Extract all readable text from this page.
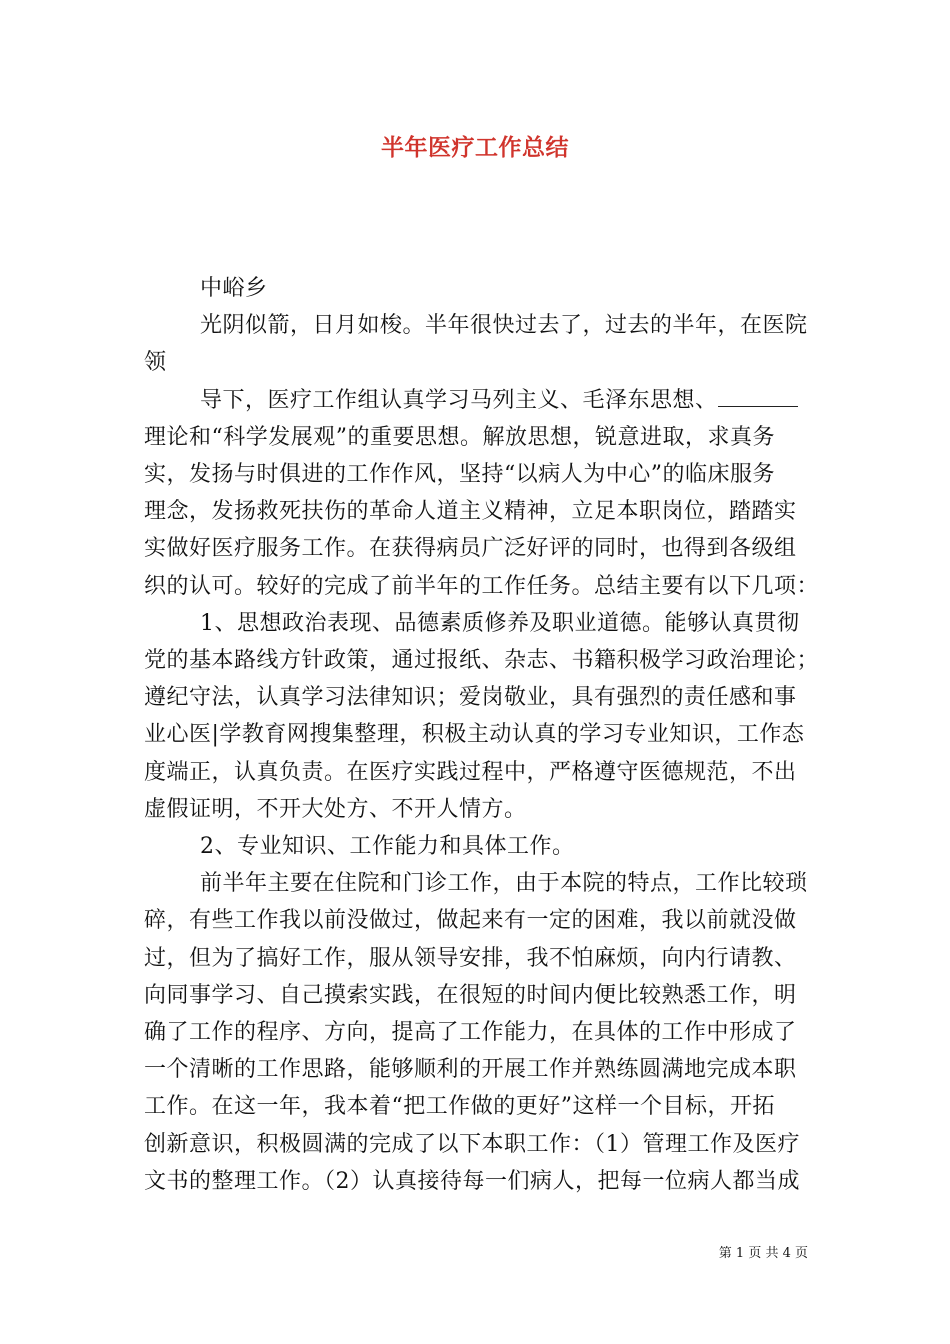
半年医疗工作总结

中峪乡

光阴似箭，日月如梭。半年很快过去了，过去的半年，在医院

领

导下，医疗工作组认真学习马列主义、毛泽东思想、

理论和“科学发展观”的重要思想。解放思想，锐意进取，求真务

实，发扬与时俱进的工作作风，坚持“以病人为中心”的临床服务

理念，发扬救死扶伤的革命人道主义精神，立足本职岗位，踏踏实

实做好医疗服务工作。在获得病员广泛好评的同时，也得到各级组

织的认可。较好的完成了前半年的工作任务。总结主要有以下几项：

1、思想政治表现、品德素质修养及职业道德。能够认真贯彻

党的基本路线方针政策，通过报纸、杂志、书籍积极学习政治理论；

遵纪守法，认真学习法律知识；爱岗敬业，具有强烈的责任感和事

业心医|学教育网搜集整理，积极主动认真的学习专业知识，工作态

度端正，认真负责。在医疗实践过程中，严格遵守医德规范，不出

虚假证明，不开大处方、不开人情方。

2、专业知识、工作能力和具体工作。

前半年主要在住院和门诊工作，由于本院的特点，工作比较琐

碎，有些工作我以前没做过，做起来有一定的困难，我以前就没做

过，但为了搞好工作，服从领导安排，我不怕麻烦，向内行请教、

向同事学习、自己摸索实践，在很短的时间内便比较熟悉工作，明

确了工作的程序、方向，提高了工作能力，在具体的工作中形成了

一个清晰的工作思路，能够顺利的开展工作并熟练圆满地完成本职

工作。在这一年，我本着“把工作做的更好”这样一个目标，开拓

创新意识，积极圆满的完成了以下本职工作：（1）管理工作及医疗

文书的整理工作。（2）认真接待每一们病人，把每一位病人都当成

第 1 页 共 4 页
